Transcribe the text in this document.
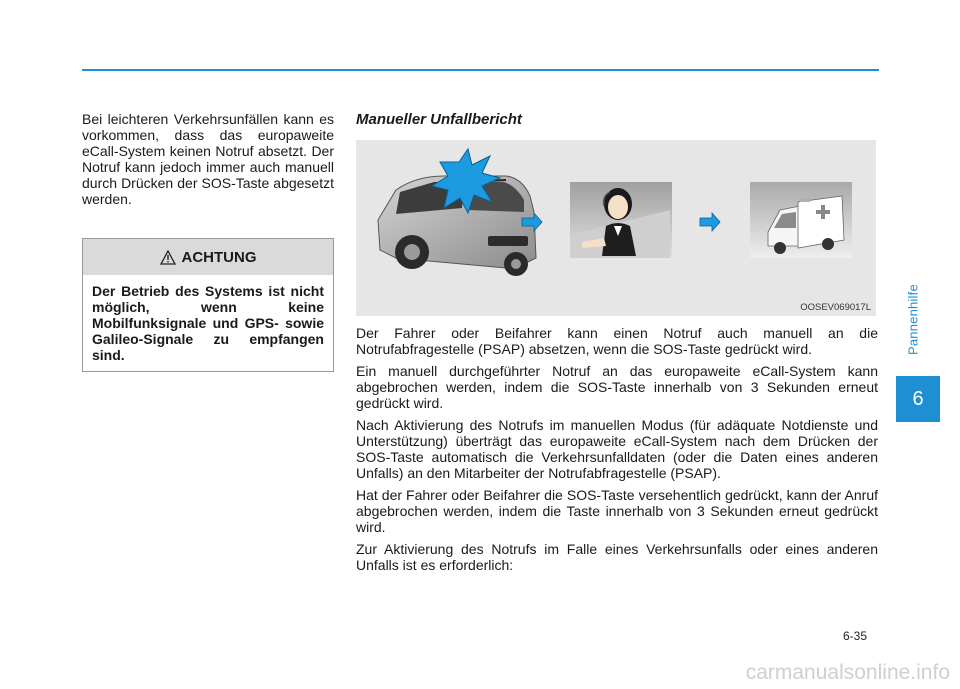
Pannenhilfe
6

Bei leichteren Verkehrsunfällen kann es vorkommen, dass das europaweite eCall-System keinen Notruf absetzt. Der Notruf kann jedoch immer auch manuell durch Drücken der SOS-Taste abgesetzt werden.

ACHTUNG
Der Betrieb des Systems ist nicht möglich, wenn keine Mobilfunksignale und GPS- sowie Galileo-Signale zu empfangen sind.
Manueller Unfallbericht
OOSEV069017L

Der Fahrer oder Beifahrer kann einen Notruf auch manuell an die Notrufabfragestelle (PSAP) absetzen, wenn die SOS-Taste gedrückt wird.

Ein manuell durchgeführter Notruf an das europaweite eCall-System kann abgebrochen werden, indem die SOS-Taste innerhalb von 3 Sekunden erneut gedrückt wird.

Nach Aktivierung des Notrufs im manuellen Modus (für adäquate Notdienste und Unterstützung) überträgt das europaweite eCall-System nach dem Drücken der SOS-Taste automatisch die Verkehrsunfalldaten (oder die Daten eines anderen Unfalls) an den Mitarbeiter der Notrufabfragestelle (PSAP).

Hat der Fahrer oder Beifahrer die SOS-Taste versehentlich gedrückt, kann der Anruf abgebrochen werden, indem die Taste innerhalb von 3 Sekunden erneut gedrückt wird.

Zur Aktivierung des Notrufs im Falle eines Verkehrsunfalls oder eines anderen Unfalls ist es erforderlich:

6-35
carmanualsonline.info
